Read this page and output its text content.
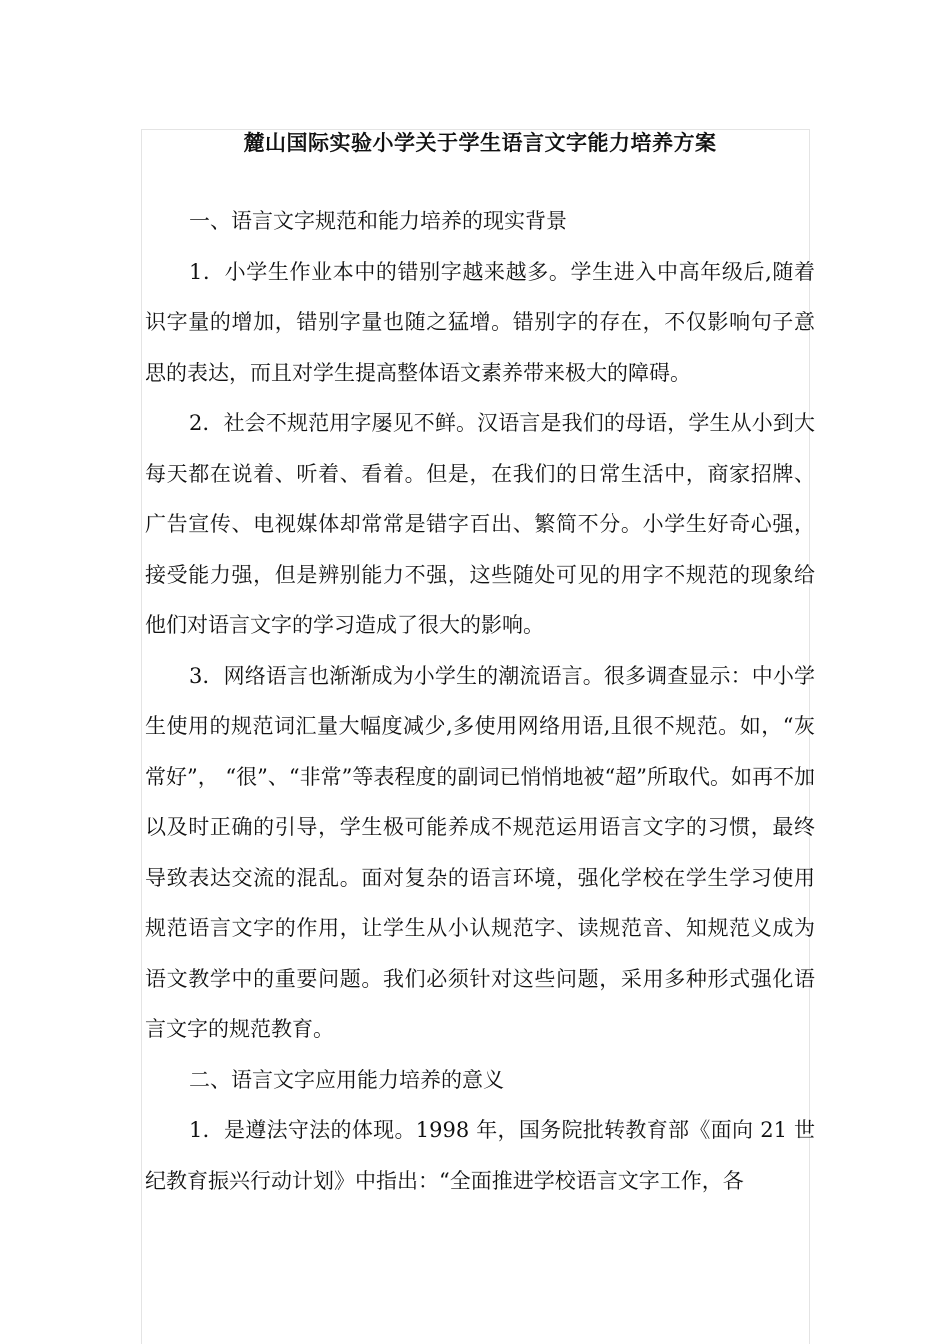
麓山国际实验小学关于学生语言文字能力培养方案

一、语言文字规范和能力培养的现实背景

1．小学生作业本中的错别字越来越多。学生进入中高年级后,随着识字量的增加，错别字量也随之猛增。错别字的存在，不仅影响句子意思的表达，而且对学生提高整体语文素养带来极大的障碍。

2．社会不规范用字屡见不鲜。汉语言是我们的母语，学生从小到大每天都在说着、听着、看着。但是，在我们的日常生活中，商家招牌、广告宣传、电视媒体却常常是错字百出、繁简不分。小学生好奇心强，接受能力强，但是辨别能力不强，这些随处可见的用字不规范的现象给他们对语言文字的学习造成了很大的影响。

3．网络语言也渐渐成为小学生的潮流语言。很多调查显示：中小学生使用的规范词汇量大幅度减少,多使用网络用语,且很不规范。如，“灰常好”， “很”、“非常”等表程度的副词已悄悄地被“超”所取代。如再不加以及时正确的引导，学生极可能养成不规范运用语言文字的习惯，最终导致表达交流的混乱。面对复杂的语言环境，强化学校在学生学习使用规范语言文字的作用，让学生从小认规范字、读规范音、知规范义成为语文教学中的重要问题。我们必须针对这些问题，采用多种形式强化语言文字的规范教育。

二、语言文字应用能力培养的意义

1．是遵法守法的体现。1998 年，国务院批转教育部《面向 21 世纪教育振兴行动计划》中指出：“全面推进学校语言文字工作，各
